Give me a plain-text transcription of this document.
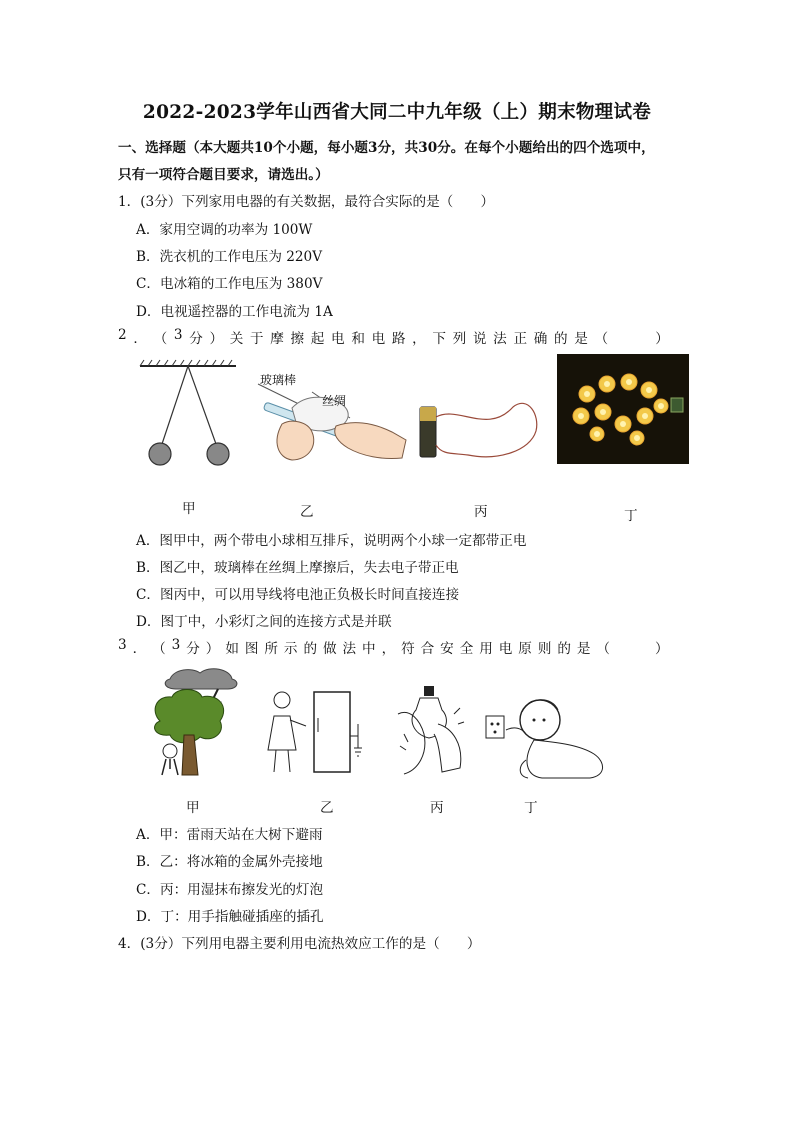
2022-2023学年山西省大同二中九年级（上）期末物理试卷
一、选择题（本大题共10个小题，每小题3分，共30分。在每个小题给出的四个选项中，
只有一项符合题目要求，请选出。）
1．(3分）下列家用电器的有关数据，最符合实际的是（　　）
A．家用空调的功率为 100W
B．洗衣机的工作电压为 220V
C．电冰箱的工作电压为 380V
D．电视遥控器的工作电流为 1A
2 ． （ 3 分 ） 关 于 摩 擦 起 电 和 电 路 ， 下 列 说 法 正 确 的 是 （

　	）
玻璃棒
丝绸
甲	乙	丙	丁
A．图甲中，两个带电小球相互排斥，说明两个小球一定都带正电
B．图乙中，玻璃棒在丝绸上摩擦后，失去电子带正电
C．图丙中，可以用导线将电池正负极长时间直接连接
D．图丁中，小彩灯之间的连接方式是并联
3 ． （ 3 分 ） 如 图 所 示 的 做 法 中 ， 符 合 安 全 用 电 原 则 的 是 （

　	）
甲	乙	丙	丁
A．甲：雷雨天站在大树下避雨
B．乙：将冰箱的金属外壳接地
C．丙：用湿抹布擦发光的灯泡
D．丁：用手指触碰插座的插孔
4．(3分）下列用电器主要利用电流热效应工作的是（　　）
